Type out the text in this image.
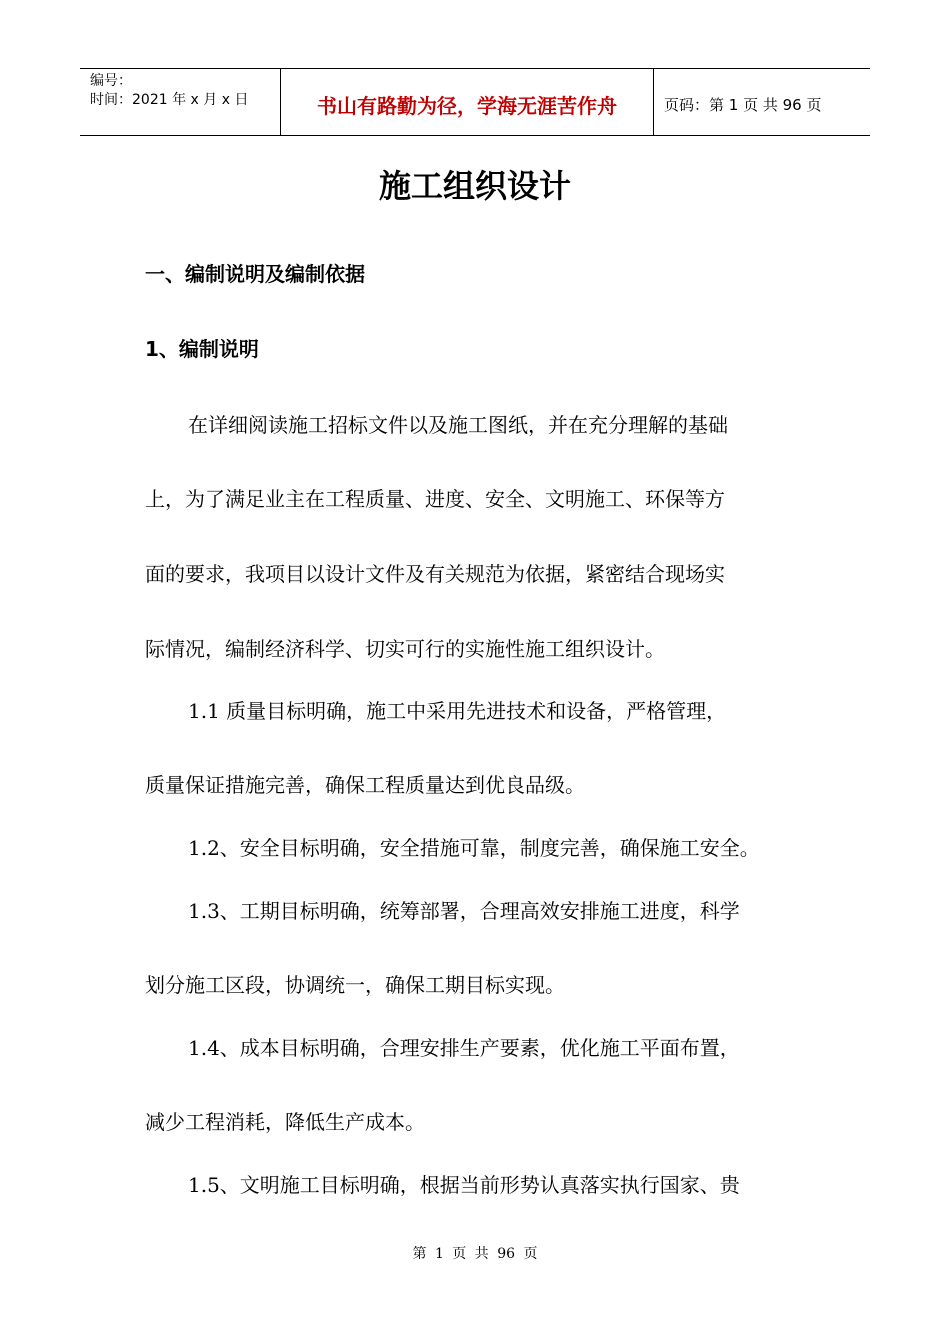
编号：
时间：2021 年 x 月 x 日	书山有路勤为径，学海无涯苦作舟	页码：第 1 页 共 96 页
施工组织设计
一、编制说明及编制依据
1、编制说明
在详细阅读施工招标文件以及施工图纸，并在充分理解的基础
上，为了满足业主在工程质量、进度、安全、文明施工、环保等方
面的要求，我项目以设计文件及有关规范为依据，紧密结合现场实
际情况，编制经济科学、切实可行的实施性施工组织设计。
1.1 质量目标明确，施工中采用先进技术和设备，严格管理，
质量保证措施完善，确保工程质量达到优良品级。
1.2、安全目标明确，安全措施可靠，制度完善，确保施工安全。
1.3、工期目标明确，统筹部署，合理高效安排施工进度，科学
划分施工区段，协调统一，确保工期目标实现。
1.4、成本目标明确，合理安排生产要素，优化施工平面布置，
减少工程消耗，降低生产成本。
1.5、文明施工目标明确，根据当前形势认真落实执行国家、贵
第 1 页 共 96 页
